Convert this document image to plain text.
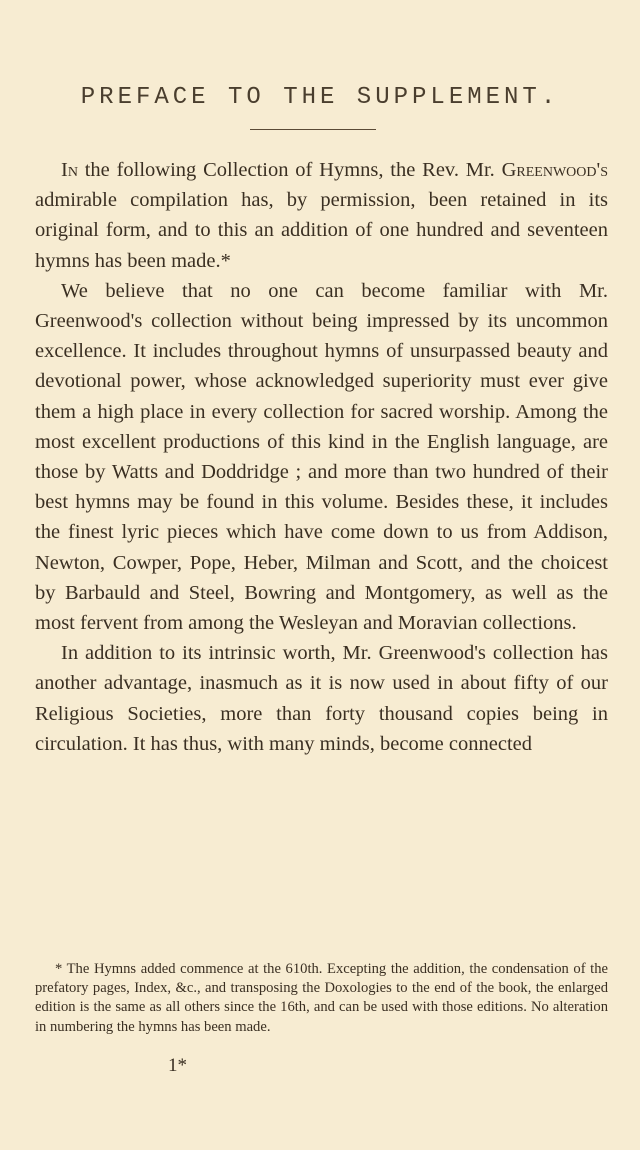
PREFACE TO THE SUPPLEMENT.

In the following Collection of Hymns, the Rev. Mr. Greenwood's admirable compilation has, by permission, been retained in its original form, and to this an addition of one hundred and seventeen hymns has been made.*

We believe that no one can become familiar with Mr. Greenwood's collection without being impressed by its uncommon excellence. It includes throughout hymns of unsurpassed beauty and devotional power, whose acknowledged superiority must ever give them a high place in every collection for sacred worship. Among the most excellent productions of this kind in the English language, are those by Watts and Doddridge ; and more than two hundred of their best hymns may be found in this volume. Besides these, it includes the finest lyric pieces which have come down to us from Addison, Newton, Cowper, Pope, Heber, Milman and Scott, and the choicest by Barbauld and Steel, Bowring and Montgomery, as well as the most fervent from among the Wesleyan and Moravian collections.

In addition to its intrinsic worth, Mr. Greenwood's collection has another advantage, inasmuch as it is now used in about fifty of our Religious Societies, more than forty thousand copies being in circulation. It has thus, with many minds, become connected

* The Hymns added commence at the 610th. Excepting the addition, the condensation of the prefatory pages, Index, &c., and transposing the Doxologies to the end of the book, the enlarged edition is the same as all others since the 16th, and can be used with those editions. No alteration in numbering the hymns has been made.

1*
